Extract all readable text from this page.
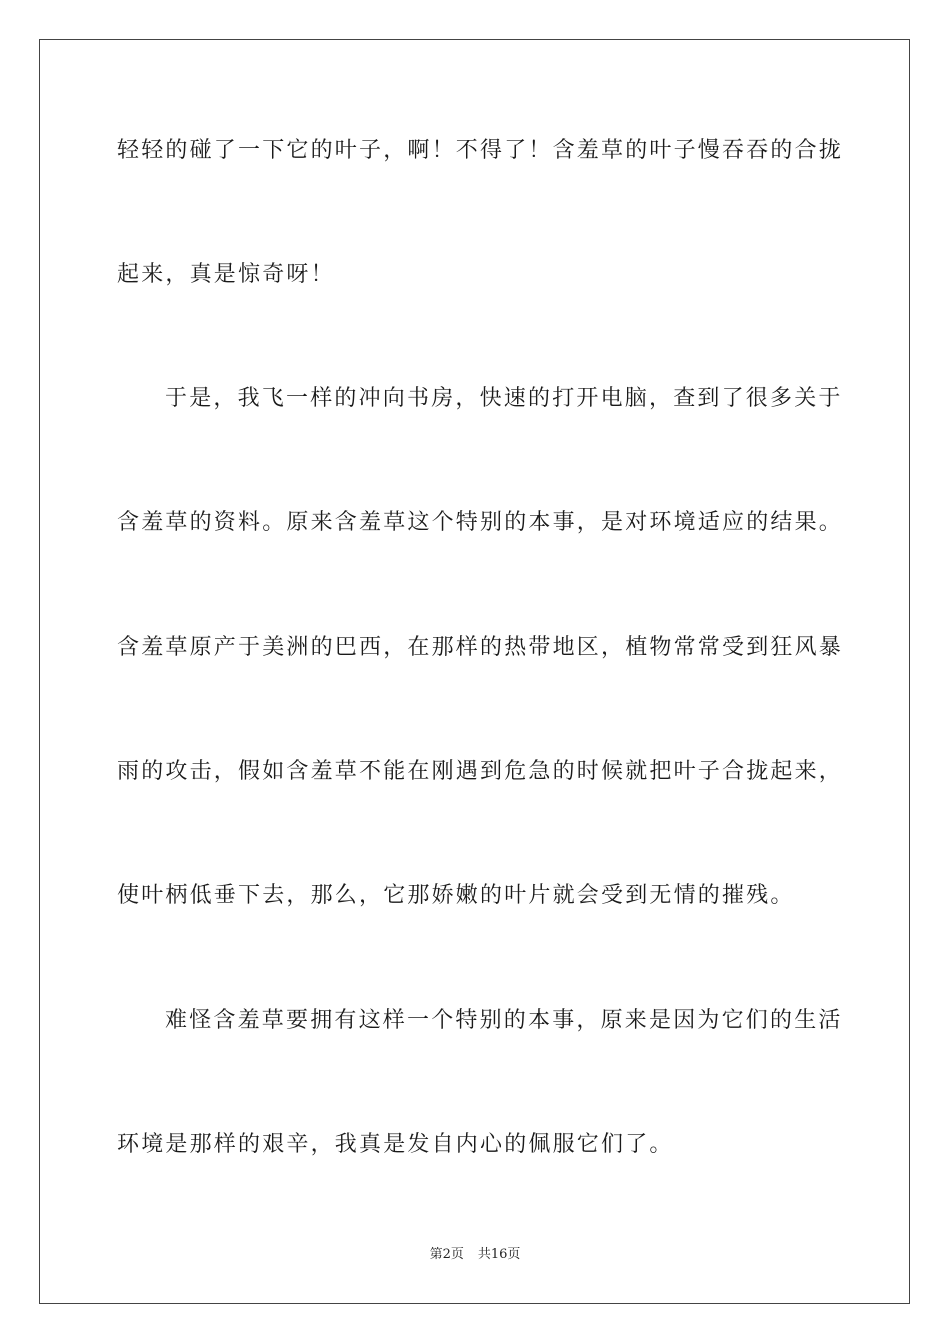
轻轻的碰了一下它的叶子，啊！不得了！含羞草的叶子慢吞吞的合拢
起来，真是惊奇呀！
于是，我飞一样的冲向书房，快速的打开电脑，查到了很多关于
含羞草的资料。原来含羞草这个特别的本事，是对环境适应的结果。
含羞草原产于美洲的巴西，在那样的热带地区，植物常常受到狂风暴
雨的攻击，假如含羞草不能在刚遇到危急的时候就把叶子合拢起来，
使叶柄低垂下去，那么，它那娇嫩的叶片就会受到无情的摧残。
难怪含羞草要拥有这样一个特别的本事，原来是因为它们的生活
环境是那样的艰辛，我真是发自内心的佩服它们了。
第2页 共16页
